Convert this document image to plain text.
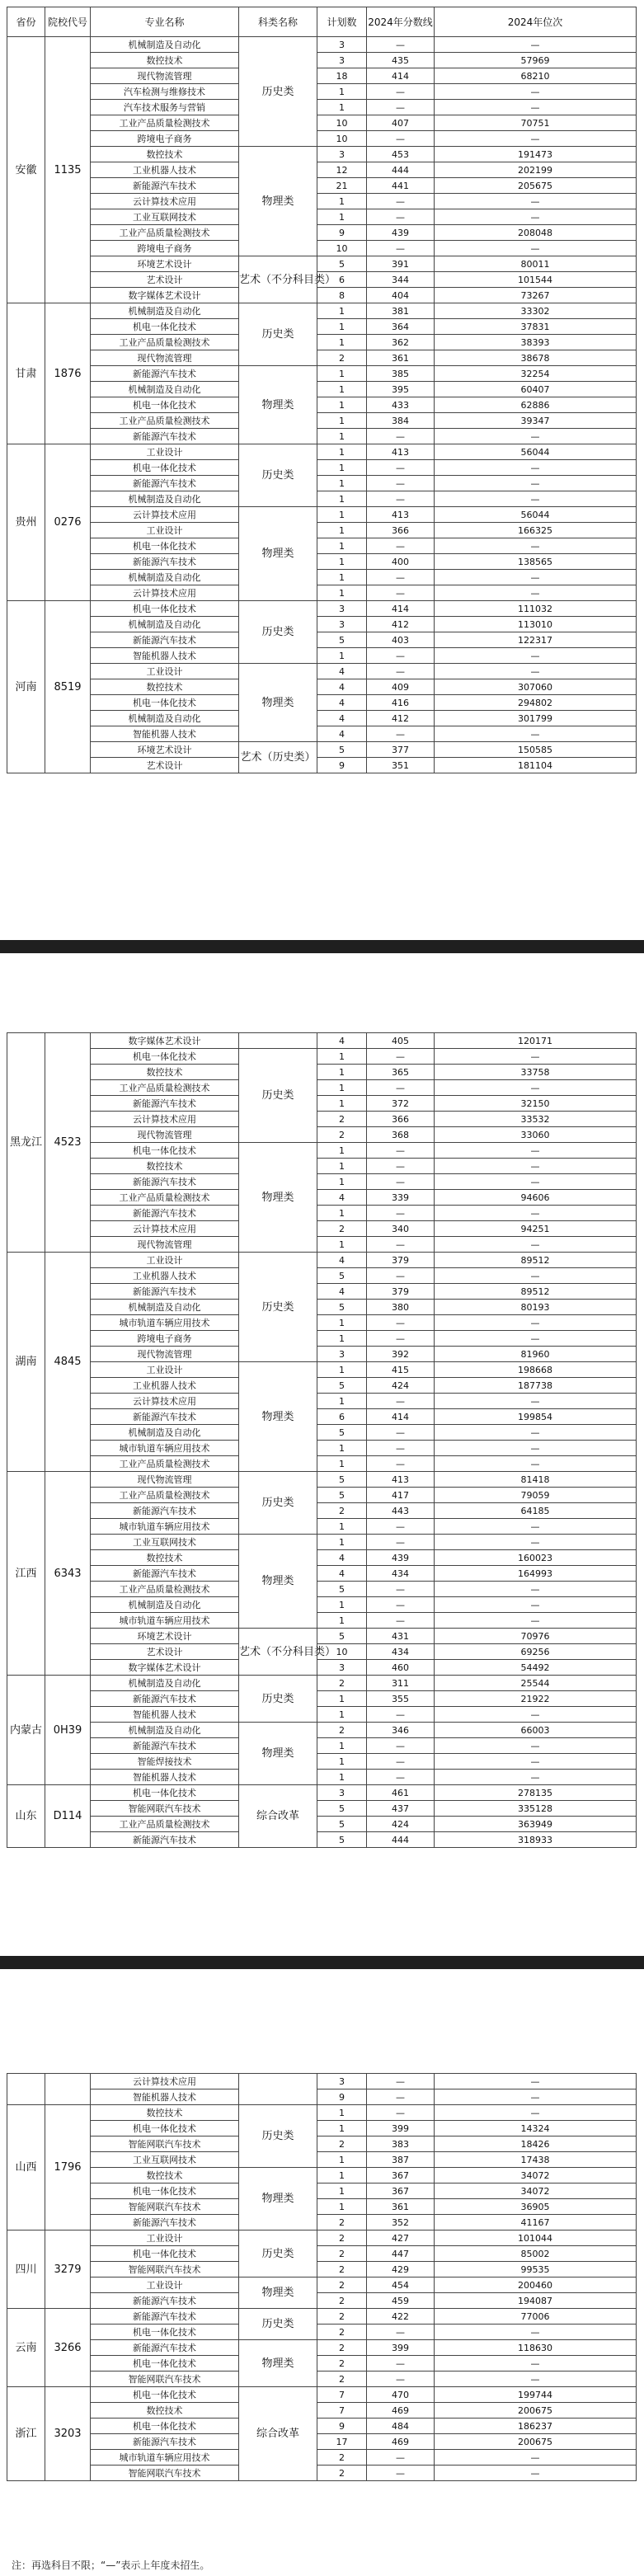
省份	院校代号	专业名称	科类名称	计划数	2024年分数线	2024年位次
安徽	1135	机械制造及自动化	历史类	3	—	—
		数控技术		3	435	57969
		现代物流管理		18	414	68210
		汽车检测与维修技术		1	—	—
		汽车技术服务与营销		1	—	—
		工业产品质量检测技术		10	407	70751
		跨境电子商务		10	—	—
		数控技术	物理类	3	453	191473
		工业机器人技术		12	444	202199
		新能源汽车技术		21	441	205675
		云计算技术应用		1	—	—
		工业互联网技术		1	—	—
		工业产品质量检测技术		9	439	208048
		跨境电子商务		10	—	—
		环境艺术设计	艺术（不分科目类）	5	391	80011
		艺术设计		6	344	101544
		数字媒体艺术设计		8	404	73267
甘肃	1876	机械制造及自动化	历史类	1	381	33302
		机电一体化技术		1	364	37831
		工业产品质量检测技术		1	362	38393
		现代物流管理		2	361	38678
		新能源汽车技术	物理类	1	385	32254
		机械制造及自动化		1	395	60407
		机电一体化技术		1	433	62886
		工业产品质量检测技术		1	384	39347
		新能源汽车技术		1	—	—
贵州	0276	工业设计	历史类	1	413	56044
		机电一体化技术		1	—	—
		新能源汽车技术		1	—	—
		机械制造及自动化		1	—	—
		云计算技术应用	物理类	1	413	56044
		工业设计		1	366	166325
		机电一体化技术		1	—	—
		新能源汽车技术		1	400	138565
		机械制造及自动化		1	—	—
		云计算技术应用		1	—	—
河南	8519	机电一体化技术	历史类	3	414	111032
		机械制造及自动化		3	412	113010
		新能源汽车技术		5	403	122317
		智能机器人技术		1	—	—
		工业设计	物理类	4	—	—
		数控技术		4	409	307060
		机电一体化技术		4	416	294802
		机械制造及自动化		4	412	301799
		智能机器人技术		4	—	—
		环境艺术设计	艺术（历史类）	5	377	150585
		艺术设计		9	351	181104
黑龙江	4523	数字媒体艺术设计		4	405	120171
		机电一体化技术	历史类	1	—	—
		数控技术		1	365	33758
		工业产品质量检测技术		1	—	—
		新能源汽车技术		1	372	32150
		云计算技术应用		2	366	33532
		现代物流管理		2	368	33060
		机电一体化技术	物理类	1	—	—
		数控技术		1	—	—
		新能源汽车技术		1	—	—
		工业产品质量检测技术		4	339	94606
		新能源汽车技术		1	—	—
		云计算技术应用		2	340	94251
		现代物流管理		1	—	—
湖南	4845	工业设计	历史类	4	379	89512
		工业机器人技术		5	—	—
		新能源汽车技术		4	379	89512
		机械制造及自动化		5	380	80193
		城市轨道车辆应用技术		1	—	—
		跨境电子商务		1	—	—
		现代物流管理		3	392	81960
		工业设计	物理类	1	415	198668
		工业机器人技术		5	424	187738
		云计算技术应用		1	—	—
		新能源汽车技术		6	414	199854
		机械制造及自动化		5	—	—
		城市轨道车辆应用技术		1	—	—
		工业产品质量检测技术		1	—	—
江西	6343	现代物流管理	历史类	5	413	81418
		工业产品质量检测技术		5	417	79059
		新能源汽车技术		2	443	64185
		城市轨道车辆应用技术		1	—	—
		工业互联网技术	物理类	1	—	—
		数控技术		4	439	160023
		新能源汽车技术		4	434	164993
		工业产品质量检测技术		5	—	—
		机械制造及自动化		1	—	—
		城市轨道车辆应用技术		1	—	—
		环境艺术设计	艺术（不分科目类）	5	431	70976
		艺术设计		10	434	69256
		数字媒体艺术设计		3	460	54492
内蒙古	0H39	机械制造及自动化	历史类	2	311	25544
		新能源汽车技术		1	355	21922
		智能机器人技术		1	—	—
		机械制造及自动化	物理类	2	346	66003
		新能源汽车技术		1	—	—
		智能焊接技术		1	—	—
		智能机器人技术		1	—	—
山东	D114	机电一体化技术	综合改革	3	461	278135
		智能网联汽车技术		5	437	335128
		工业产品质量检测技术		5	424	363949
		新能源汽车技术		5	444	318933
		云计算技术应用		3	—	—
		智能机器人技术		9	—	—
山西	1796	数控技术	历史类	1	—	—
		机电一体化技术		1	399	14324
		智能网联汽车技术		2	383	18426
		工业互联网技术		1	387	17438
		数控技术	物理类	1	367	34072
		机电一体化技术		1	367	34072
		智能网联汽车技术		1	361	36905
		新能源汽车技术		2	352	41167
四川	3279	工业设计	历史类	2	427	101044
		机电一体化技术		2	447	85002
		智能网联汽车技术		2	429	99535
		工业设计	物理类	2	454	200460
		新能源汽车技术		2	459	194087
云南	3266	新能源汽车技术	历史类	2	422	77006
		机电一体化技术		2	—	—
		新能源汽车技术	物理类	2	399	118630
		机电一体化技术		2	—	—
		智能网联汽车技术		2	—	—
浙江	3203	机电一体化技术	综合改革	7	470	199744
		数控技术		7	469	200675
		机电一体化技术		9	484	186237
		新能源汽车技术		17	469	200675
		城市轨道车辆应用技术		2	—	—
		智能网联汽车技术		2	—	—
注：再选科目不限；“—”表示上年度未招生。
